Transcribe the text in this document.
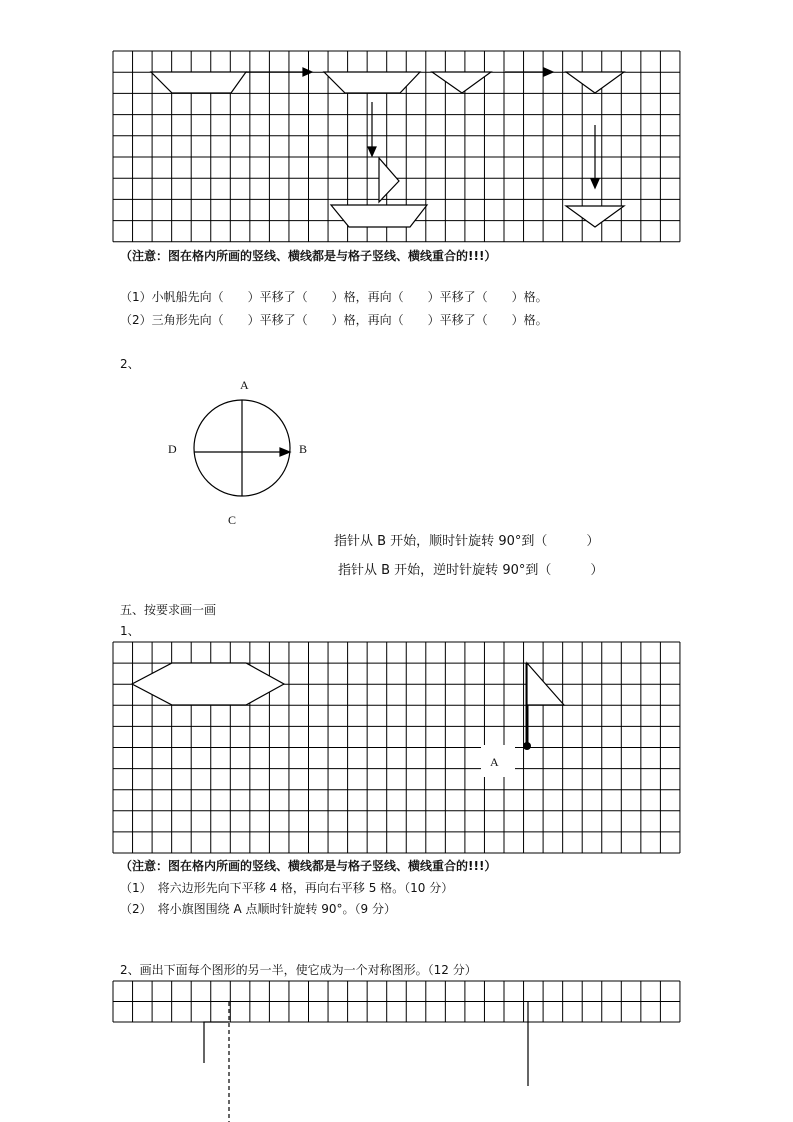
（注意：图在格内所画的竖线、横线都是与格子竖线、横线重合的!!!）
（1）小帆船先向（　　）平移了（　　）格，再向（　　）平移了（　　）格。
（2）三角形先向（　　）平移了（　　）格，再向（　　）平移了（　　）格。
2、
A
B
C
D
指针从 B 开始，顺时针旋转 90°到（　　　）
指针从 B 开始，逆时针旋转 90°到（　　　）
五、按要求画一画
1、
A
（注意：图在格内所画的竖线、横线都是与格子竖线、横线重合的!!!）
（1）　将六边形先向下平移 4 格，再向右平移 5 格。（10 分）
（2）　将小旗图围绕 A 点顺时针旋转 90°。（9 分）
2、画出下面每个图形的另一半，使它成为一个对称图形。（12 分）
